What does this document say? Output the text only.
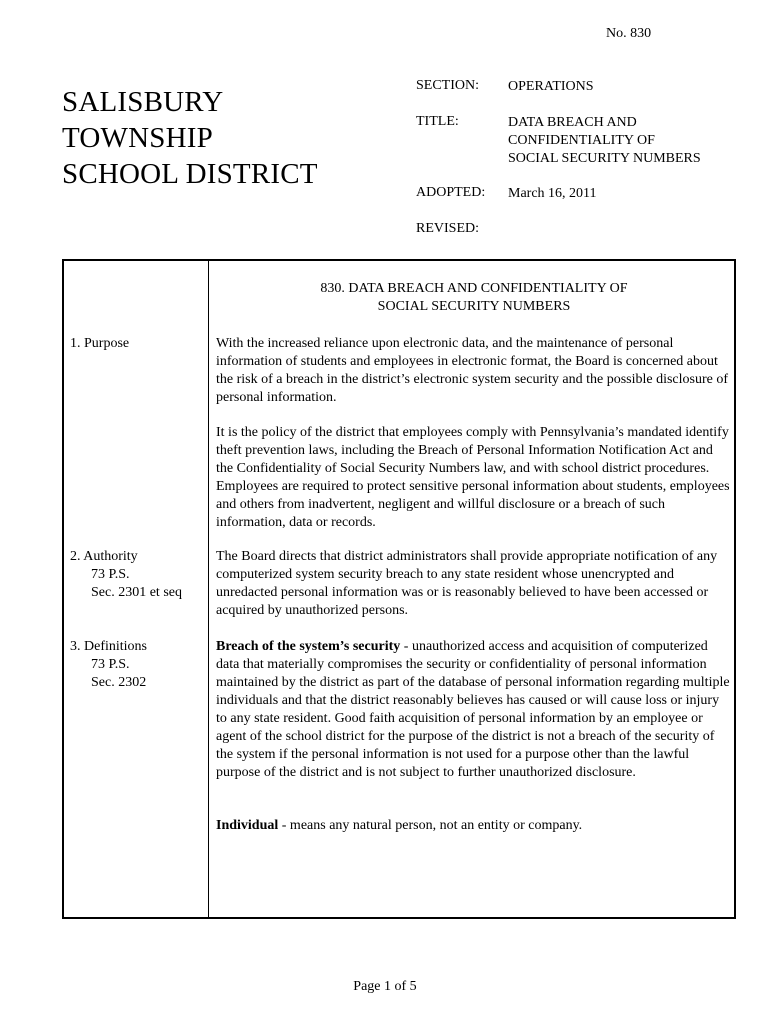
No. 830
SALISBURY
TOWNSHIP
SCHOOL DISTRICT
SECTION: OPERATIONS
TITLE:	DATA BREACH AND
CONFIDENTIALITY OF
SOCIAL SECURITY NUMBERS
ADOPTED: March 16, 2011
REVISED:
830. DATA BREACH AND CONFIDENTIALITY OF
SOCIAL SECURITY NUMBERS
1. Purpose	With the increased reliance upon electronic data, and the maintenance of personal information of students and employees in electronic format, the Board is concerned about the risk of a breach in the district’s electronic system security and the possible disclosure of personal information.
It is the policy of the district that employees comply with Pennsylvania’s mandated identify theft prevention laws, including the Breach of Personal Information Notification Act and the Confidentiality of Social Security Numbers law, and with school district procedures. Employees are required to protect sensitive personal information about students, employees and others from inadvertent, negligent and willful disclosure or a breach of such information, data or records.
2. Authority
73 P.S.
Sec. 2301 et seq
The Board directs that district administrators shall provide appropriate notification of any computerized system security breach to any state resident whose unencrypted and unredacted personal information was or is reasonably believed to have been accessed or acquired by unauthorized persons.
3. Definitions
73 P.S.
Sec. 2302
Breach of the system’s security - unauthorized access and acquisition of computerized data that materially compromises the security or confidentiality of personal information maintained by the district as part of the database of personal information regarding multiple individuals and that the district reasonably believes has caused or will cause loss or injury to any state resident. Good faith acquisition of personal information by an employee or agent of the school district for the purpose of the district is not a breach of the security of the system if the personal information is not used for a purpose other than the lawful purpose of the district and is not subject to further unauthorized disclosure.
Individual - means any natural person, not an entity or company.
Page 1 of 5
